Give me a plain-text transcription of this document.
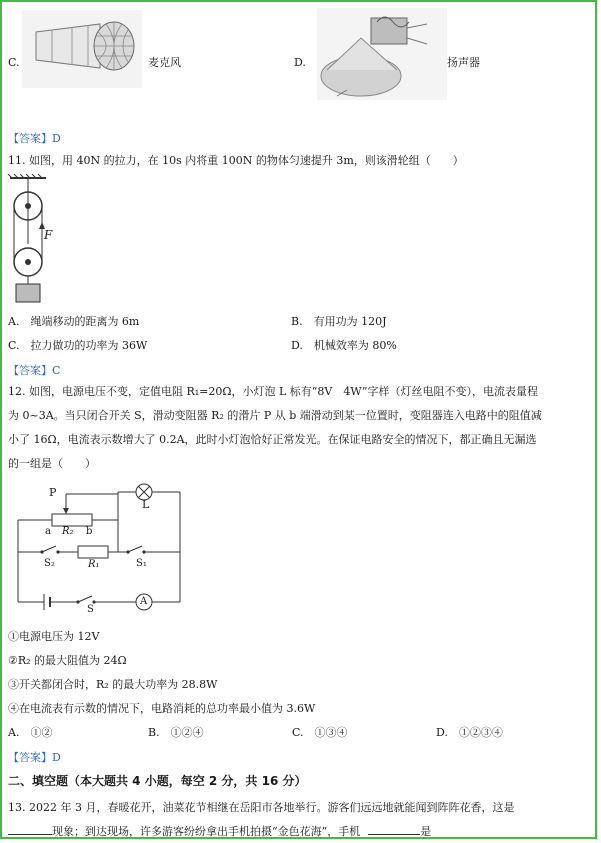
C.	麦克风	D.	扬声器
【答案】D
11. 如图，用 40N 的拉力，在 10s 内将重 100N 的物体匀速提升 3m，则该滑轮组（　　）
F
A.　绳端移动的距离为 6m	B.　有用功为 120J
C.　拉力做功的功率为 36W	D.　机械效率为 80%
【答案】C
12. 如图，电源电压不变，定值电阻 R₁=20Ω，小灯泡 L 标有“8V　4W”字样（灯丝电阻不变），电流表量程
为 0~3A。当只闭合开关 S，滑动变阻器 R₂ 的滑片 P 从 b 端滑动到某一位置时，变阻器连入电路中的阻值减
小了 16Ω，电流表示数增大了 0.2A，此时小灯泡恰好正常发光。在保证电路安全的情况下，都正确且无漏选
的一组是（　　）
P
a R₂ b
L
S₂	R₁	S₁
S
A
①电源电压为 12V
②R₂ 的最大阻值为 24Ω
③开关都闭合时，R₂ 的最大功率为 28.8W
④在电流表有示数的情况下，电路消耗的总功率最小值为 3.6W
A.　①②	B.　①②④	C.　①③④	D.　①②③④
【答案】D
二、填空题（本大题共 4 小题，每空 2 分，共 16 分）
13. 2022 年 3 月，春暖花开，油菜花节相继在岳阳市各地举行。游客们远远地就能闻到阵阵花香，这是
现象；到达现场，许多游客纷纷拿出手机拍摄“金色花海”，手机	是
